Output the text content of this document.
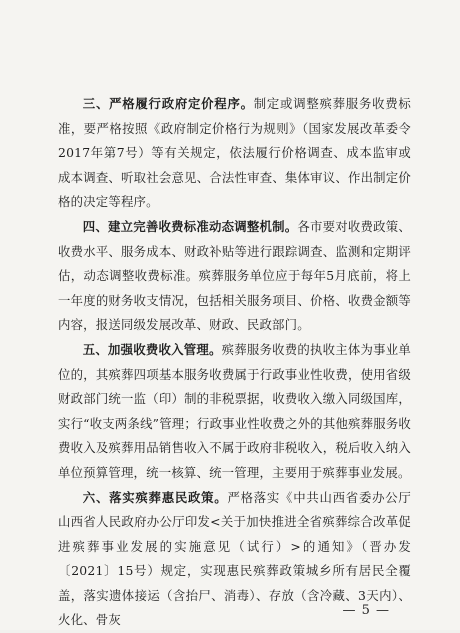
三、严格履行政府定价程序。制定或调整殡葬服务收费标准，要严格按照《政府制定价格行为规则》（国家发展改革委令2017年第7号）等有关规定，依法履行价格调查、成本监审或成本调查、听取社会意见、合法性审查、集体审议、作出制定价格的决定等程序。

四、建立完善收费标准动态调整机制。各市要对收费政策、收费水平、服务成本、财政补贴等进行跟踪调查、监测和定期评估，动态调整收费标准。殡葬服务单位应于每年5月底前，将上一年度的财务收支情况，包括相关服务项目、价格、收费金额等内容，报送同级发展改革、财政、民政部门。

五、加强收费收入管理。殡葬服务收费的执收主体为事业单位的，其殡葬四项基本服务收费属于行政事业性收费，使用省级财政部门统一监（印）制的非税票据，收费收入缴入同级国库，实行“收支两条线”管理；行政事业性收费之外的其他殡葬服务收费收入及殡葬用品销售收入不属于政府非税收入，税后收入纳入单位预算管理，统一核算、统一管理，主要用于殡葬事业发展。

六、落实殡葬惠民政策。严格落实《中共山西省委办公厅 山西省人民政府办公厅印发<关于加快推进全省殡葬综合改革促进殡葬事业发展的实施意见（试行）>的通知》（晋办发〔2021〕15号）规定，实现惠民殡葬政策城乡所有居民全覆盖，落实遗体接运（含抬尸、消毒）、存放（含冷藏、3天内）、火化、骨灰

— 5 —
